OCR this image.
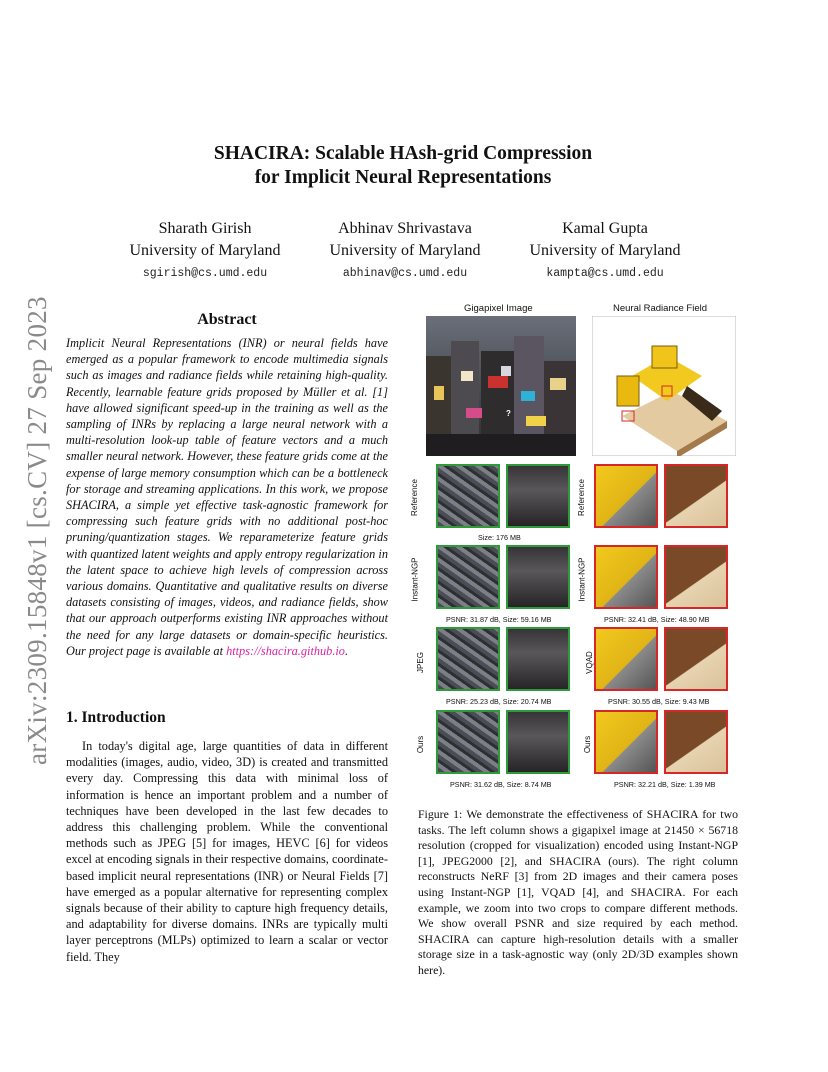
arXiv:2309.15848v1 [cs.CV] 27 Sep 2023
SHACIRA: Scalable HAsh-grid Compression
for Implicit Neural Representations
Sharath Girish
University of Maryland
sgirish@cs.umd.edu
Abhinav Shrivastava
University of Maryland
abhinav@cs.umd.edu
Kamal Gupta
University of Maryland
kampta@cs.umd.edu
Abstract
Implicit Neural Representations (INR) or neural fields have emerged as a popular framework to encode multimedia signals such as images and radiance fields while retaining high-quality. Recently, learnable feature grids proposed by Müller et al. [1] have allowed significant speed-up in the training as well as the sampling of INRs by replacing a large neural network with a multi-resolution look-up table of feature vectors and a much smaller neural network. However, these feature grids come at the expense of large memory consumption which can be a bottleneck for storage and streaming applications. In this work, we propose SHACIRA, a simple yet effective task-agnostic framework for compressing such feature grids with no additional post-hoc pruning/quantization stages. We reparameterize feature grids with quantized latent weights and apply entropy regularization in the latent space to achieve high levels of compression across various domains. Quantitative and qualitative results on diverse datasets consisting of images, videos, and radiance fields, show that our approach outperforms existing INR approaches without the need for any large datasets or domain-specific heuristics. Our project page is available at https://shacira.github.io.
1. Introduction
In today's digital age, large quantities of data in different modalities (images, audio, video, 3D) is created and transmitted every day. Compressing this data with minimal loss of information is hence an important problem and a number of techniques have been developed in the last few decades to address this challenging problem. While the conventional methods such as JPEG [5] for images, HEVC [6] for videos excel at encoding signals in their respective domains, coordinate-based implicit neural representations (INR) or Neural Fields [7] have emerged as a popular alternative for representing complex signals because of their ability to capture high frequency details, and adaptability for diverse domains. INRs are typically multi layer perceptrons (MLPs) optimized to learn a scalar or vector field. They
Gigapixel Image	Neural Radiance Field
?
Reference
Size: 176 MB
Instant-NGP
PSNR: 31.87 dB, Size: 59.16 MB
JPEG
PSNR: 25.23 dB, Size: 20.74 MB
Ours
PSNR: 31.62 dB, Size: 8.74 MB
Reference
Instant-NGP
PSNR: 32.41 dB, Size: 48.90 MB
VQAD
PSNR: 30.55 dB, Size: 9.43 MB
Ours
PSNR: 32.21 dB, Size: 1.39 MB
Figure 1: We demonstrate the effectiveness of SHACIRA for two tasks. The left column shows a gigapixel image at 21450 × 56718 resolution (cropped for visualization) encoded using Instant-NGP [1], JPEG2000 [2], and SHACIRA (ours). The right column reconstructs NeRF [3] from 2D images and their camera poses using Instant-NGP [1], VQAD [4], and SHACIRA. For each example, we zoom into two crops to compare different methods. We show overall PSNR and size required by each method. SHACIRA can capture high-resolution details with a smaller storage size in a task-agnostic way (only 2D/3D examples shown here).
